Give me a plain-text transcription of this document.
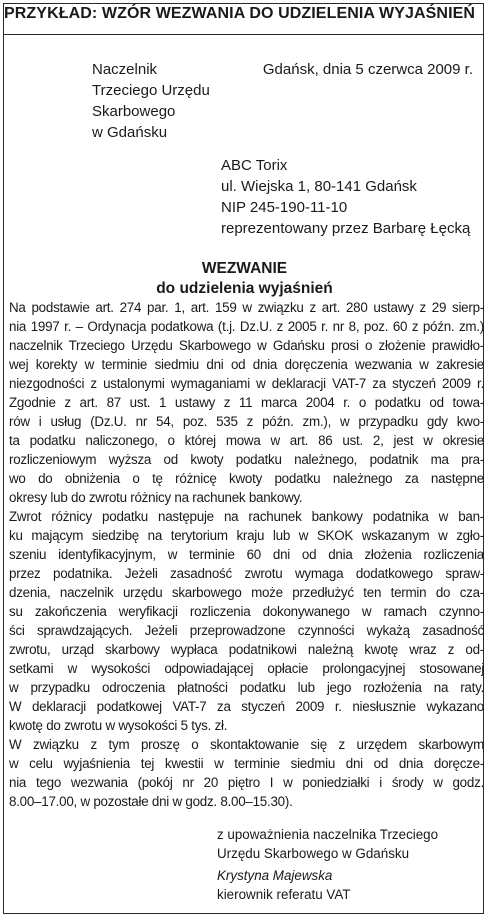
PRZYKŁAD: WZÓR WEZWANIA DO UDZIELENIA WYJAŚNIEŃ
Naczelnik
Trzeciego Urzędu
Skarbowego
w Gdańsku
Gdańsk, dnia 5 czerwca 2009 r.
ABC Torix
ul. Wiejska 1, 80-141 Gdańsk
NIP 245-190-11-10
reprezentowany przez Barbarę Łęcką
WEZWANIE
do udzielenia wyjaśnień
Na podstawie art. 274 par. 1, art. 159 w związku z art. 280 ustawy z 29 sierp-
nia 1997 r. – Ordynacja podatkowa (t.j. Dz.U. z 2005 r. nr 8, poz. 60 z późn. zm.)
naczelnik Trzeciego Urzędu Skarbowego w Gdańsku prosi o złożenie prawidło-
wej korekty w terminie siedmiu dni od dnia doręczenia wezwania w zakresie
niezgodności z ustalonymi wymaganiami w deklaracji VAT-7 za styczeń 2009 r.
Zgodnie z art. 87 ust. 1 ustawy z 11 marca 2004 r. o podatku od towa-
rów i usług (Dz.U. nr 54, poz. 535 z późn. zm.), w przypadku gdy kwo-
ta podatku naliczonego, o której mowa w art. 86 ust. 2, jest w okresie
rozliczeniowym wyższa od kwoty podatku należnego, podatnik ma pra-
wo do obniżenia o tę różnicę kwoty podatku należnego za następne
okresy lub do zwrotu różnicy na rachunek bankowy.
Zwrot różnicy podatku następuje na rachunek bankowy podatnika w ban-
ku mającym siedzibę na terytorium kraju lub w SKOK wskazanym w zgło-
szeniu identyfikacyjnym, w terminie 60 dni od dnia złożenia rozliczenia
przez podatnika. Jeżeli zasadność zwrotu wymaga dodatkowego spraw-
dzenia, naczelnik urzędu skarbowego może przedłużyć ten termin do cza-
su zakończenia weryfikacji rozliczenia dokonywanego w ramach czynno-
ści sprawdzających. Jeżeli przeprowadzone czynności wykażą zasadność
zwrotu, urząd skarbowy wypłaca podatnikowi należną kwotę wraz z od-
setkami w wysokości odpowiadającej opłacie prolongacyjnej stosowanej
w przypadku odroczenia płatności podatku lub jego rozłożenia na raty.
W deklaracji podatkowej VAT-7 za styczeń 2009 r. niesłusznie wykazano
kwotę do zwrotu w wysokości 5 tys. zł.
W związku z tym proszę o skontaktowanie się z urzędem skarbowym
w celu wyjaśnienia tej kwestii w terminie siedmiu dni od dnia doręcze-
nia tego wezwania (pokój nr 20 piętro I w poniedziałki i środy w godz.
8.00–17.00, w pozostałe dni w godz. 8.00–15.30).
z upoważnienia naczelnika Trzeciego
Urzędu Skarbowego w Gdańsku
Krystyna Majewska
kierownik referatu VAT
